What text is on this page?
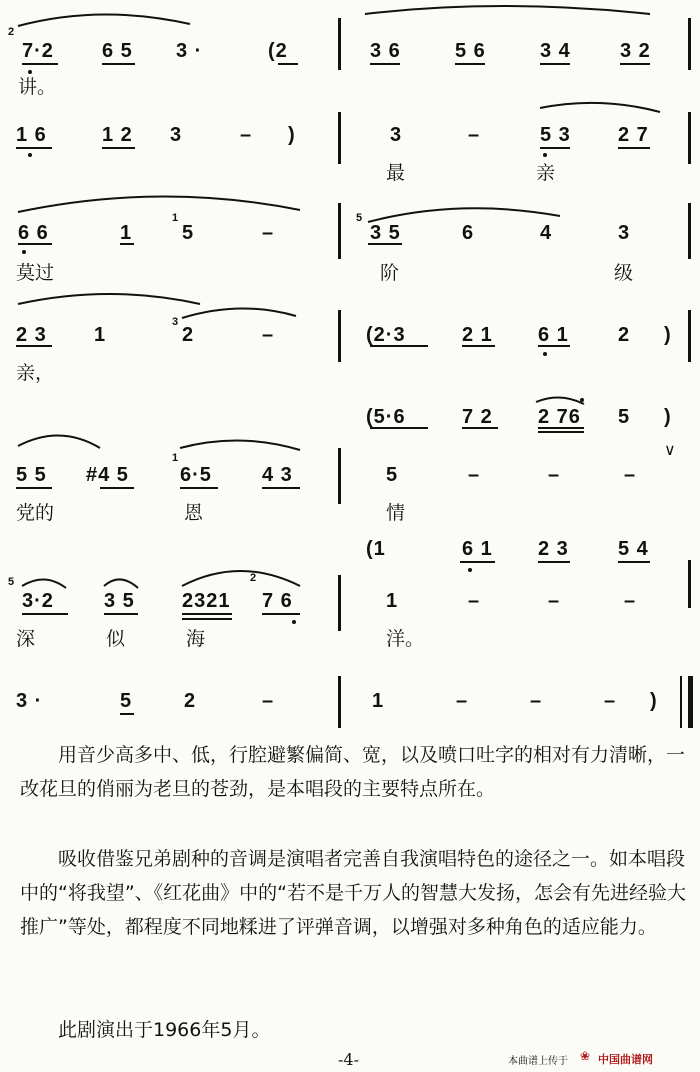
2
7·2 6 5 3 ·	(2	3 6	5 6	3 4 3 2
讲。
1 6	1 2 3	– )	3	–	5 3 2 7
最	亲
1	5
6 6	1 5	–	3 5	6	4	3
莫过	阶	级
3
2 3 1	2	–	(2·3	2 1 6 1 2 )
亲，
(5·6	7 2 2 76 5 )
∨
1
5 5 #4 5	6·5	4 3	5	–	–	–
党的	恩	情
(1	6 1 2 3 5 4
5	2
3·2	3 5 2321 7 6	1	–	–	–
深	似	海	洋。
3 ·	5	2	–	1	–	–	– )

用音少高多中、低，行腔避繁偏简、宽，以及喷口吐字的相对有力清晰，一改花旦的俏丽为老旦的苍劲，是本唱段的主要特点所在。

吸收借鉴兄弟剧种的音调是演唱者完善自我演唱特色的途径之一。如本唱段中的“将我望”、《红花曲》中的“若不是千万人的智慧大发扬，怎会有先进经验大推广”等处，都程度不同地糅进了评弹音调，以增强对多种角色的适应能力。

此剧演出于1966年5月。

-4-	本曲谱上传于 ❀ 中国曲谱网
